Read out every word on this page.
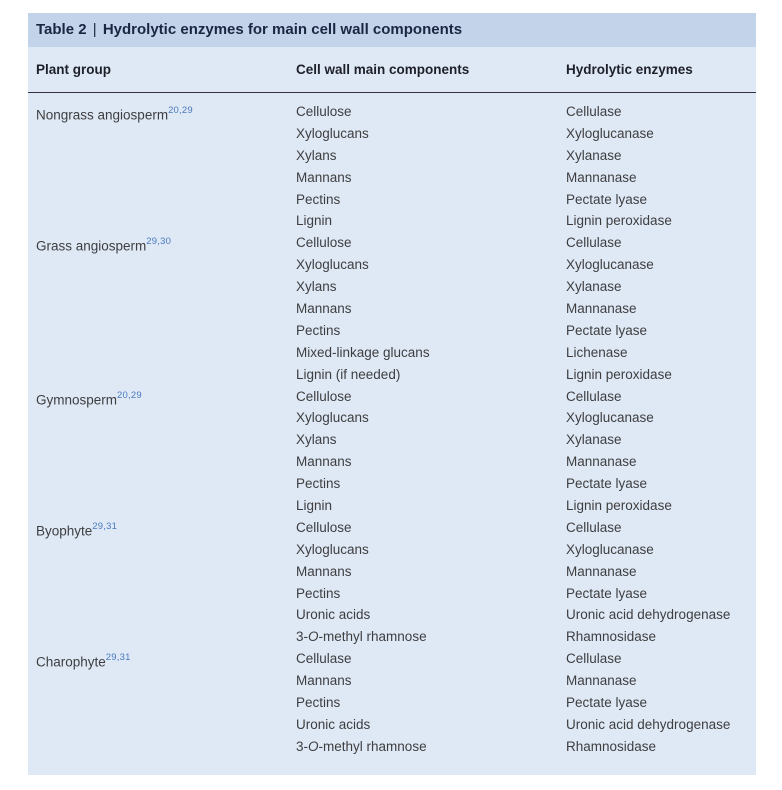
Table 2 | Hydrolytic enzymes for main cell wall components
Plant group	Cell wall main components	Hydrolytic enzymes
Nongrass angiosperm$^{20,29}$	Cellulose	Cellulase
Xyloglucans	Xyloglucanase
Xylans	Xylanase
Mannans	Mannanase
Pectins	Pectate lyase
Lignin	Lignin peroxidase
Grass angiosperm$^{29,30}$	Cellulose	Cellulase
Xyloglucans	Xyloglucanase
Xylans	Xylanase
Mannans	Mannanase
Pectins	Pectate lyase
Mixed-linkage glucans	Lichenase
Lignin (if needed)	Lignin peroxidase
Gymnosperm$^{20,29}$	Cellulose	Cellulase
Xyloglucans	Xyloglucanase
Xylans	Xylanase
Mannans	Mannanase
Pectins	Pectate lyase
Lignin	Lignin peroxidase
Byophyte$^{29,31}$	Cellulose	Cellulase
Xyloglucans	Xyloglucanase
Mannans	Mannanase
Pectins	Pectate lyase
Uronic acids	Uronic acid dehydrogenase
3-O-methyl rhamnose	Rhamnosidase
Charophyte$^{29,31}$	Cellulase	Cellulase
Mannans	Mannanase
Pectins	Pectate lyase
Uronic acids	Uronic acid dehydrogenase
3-O-methyl rhamnose	Rhamnosidase
